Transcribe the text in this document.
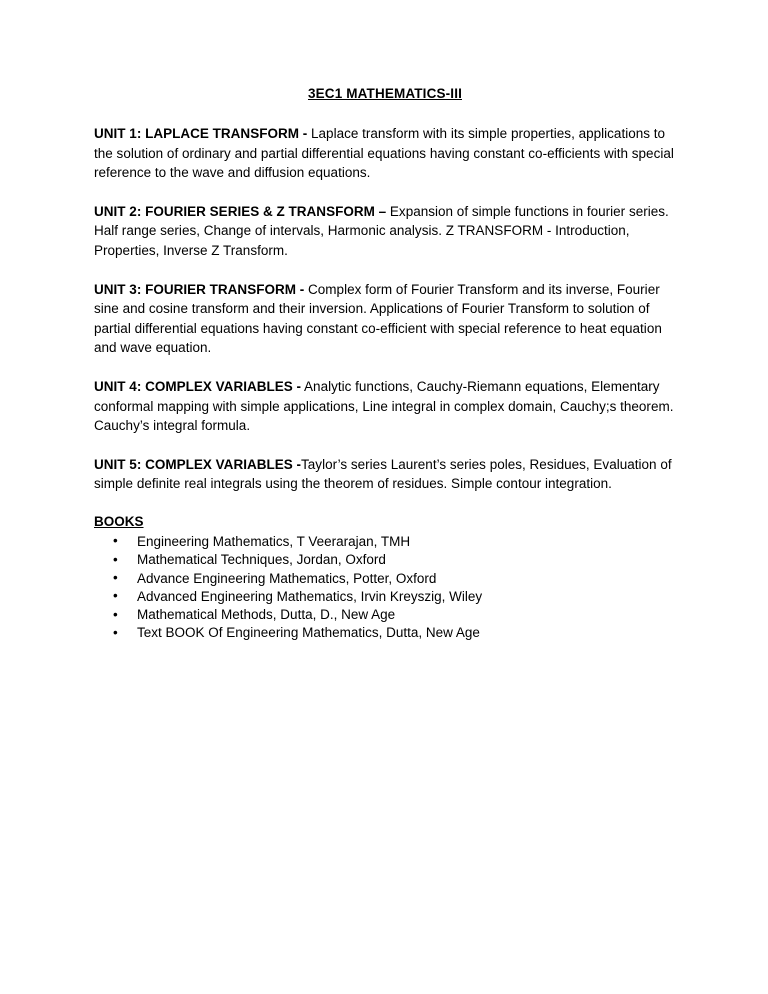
3EC1 MATHEMATICS-III

UNIT 1: LAPLACE TRANSFORM - Laplace transform with its simple properties, applications to the solution of ordinary and partial differential equations having constant co-efficients with special reference to the wave and diffusion equations.

UNIT 2: FOURIER SERIES & Z TRANSFORM – Expansion of simple functions in fourier series. Half range series, Change of intervals, Harmonic analysis. Z TRANSFORM - Introduction, Properties, Inverse Z Transform.

UNIT 3: FOURIER TRANSFORM - Complex form of Fourier Transform and its inverse, Fourier sine and cosine transform and their inversion. Applications of Fourier Transform to solution of partial differential equations having constant co-efficient with special reference to heat equation and wave equation.

UNIT 4: COMPLEX VARIABLES - Analytic functions, Cauchy-Riemann equations, Elementary conformal mapping with simple applications, Line integral in complex domain, Cauchy;s theorem. Cauchy’s integral formula.

UNIT 5: COMPLEX VARIABLES -Taylor’s series Laurent’s series poles, Residues, Evaluation of simple definite real integrals using the theorem of residues. Simple contour integration.

BOOKS
• Engineering Mathematics, T Veerarajan, TMH
• Mathematical Techniques, Jordan, Oxford
• Advance Engineering Mathematics, Potter, Oxford
• Advanced Engineering Mathematics, Irvin Kreyszig, Wiley
• Mathematical Methods, Dutta, D., New Age
• Text BOOK Of Engineering Mathematics, Dutta, New Age
